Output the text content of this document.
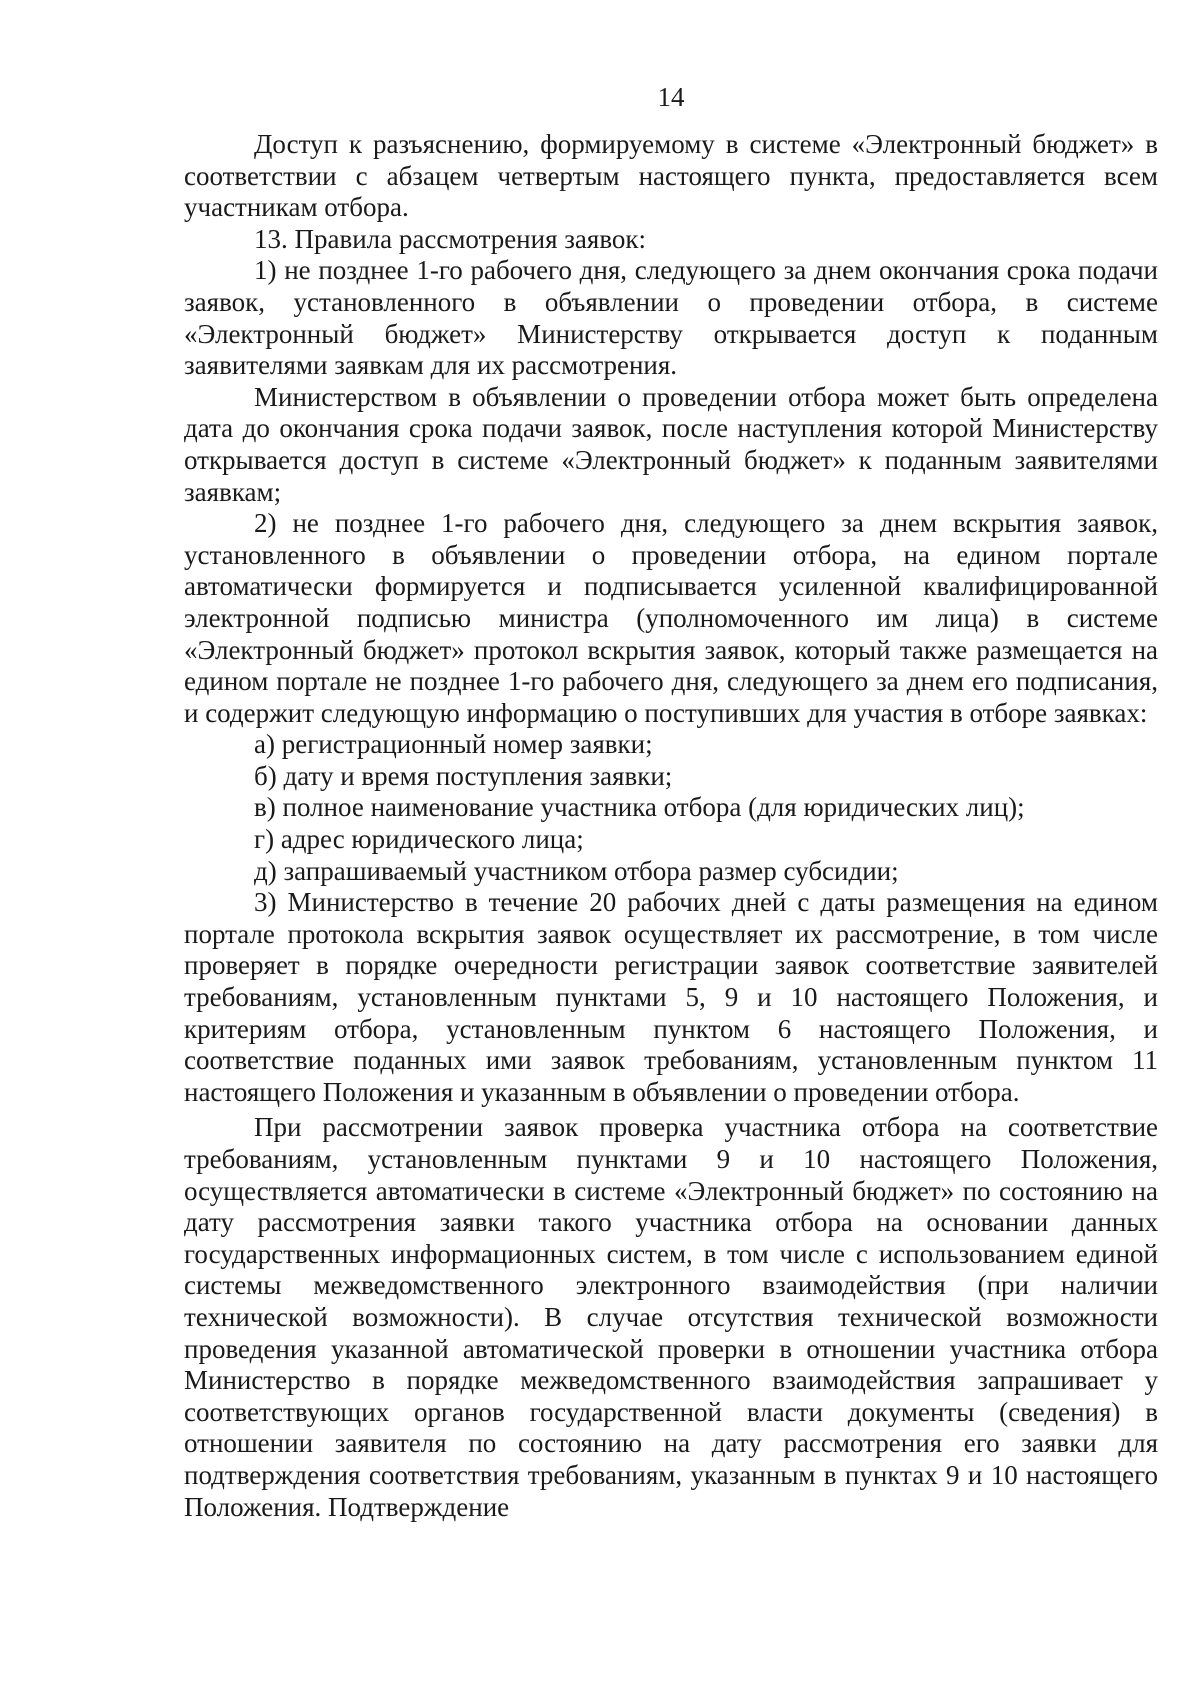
14

Доступ к разъяснению, формируемому в системе «Электронный бюджет» в соответствии с абзацем четвертым настоящего пункта, предоставляется всем участникам отбора.

13. Правила рассмотрения заявок:

1) не позднее 1-го рабочего дня, следующего за днем окончания срока подачи заявок, установленного в объявлении о проведении отбора, в системе «Электронный бюджет» Министерству открывается доступ к поданным заявителями заявкам для их рассмотрения.

Министерством в объявлении о проведении отбора может быть определена дата до окончания срока подачи заявок, после наступления которой Министерству открывается доступ в системе «Электронный бюджет» к поданным заявителями заявкам;

2) не позднее 1-го рабочего дня, следующего за днем вскрытия заявок, установленного в объявлении о проведении отбора, на едином портале автоматически формируется и подписывается усиленной квалифицированной электронной подписью министра (уполномоченного им лица) в системе «Электронный бюджет» протокол вскрытия заявок, который также размещается на едином портале не позднее 1-го рабочего дня, следующего за днем его подписания, и содержит следующую информацию о поступивших для участия в отборе заявках:

а) регистрационный номер заявки;

б) дату и время поступления заявки;

в) полное наименование участника отбора (для юридических лиц);

г) адрес юридического лица;

д) запрашиваемый участником отбора размер субсидии;

3) Министерство в течение 20 рабочих дней с даты размещения на едином портале протокола вскрытия заявок осуществляет их рассмотрение, в том числе проверяет в порядке очередности регистрации заявок соответствие заявителей требованиям, установленным пунктами 5, 9 и 10 настоящего Положения, и критериям отбора, установленным пунктом 6 настоящего Положения, и соответствие поданных ими заявок требованиям, установленным пунктом 11 настоящего Положения и указанным в объявлении о проведении отбора.

При рассмотрении заявок проверка участника отбора на соответствие требованиям, установленным пунктами 9 и 10 настоящего Положения, осуществляется автоматически в системе «Электронный бюджет» по состоянию на дату рассмотрения заявки такого участника отбора на основании данных государственных информационных систем, в том числе с использованием единой системы межведомственного электронного взаимодействия (при наличии технической возможности). В случае отсутствия технической возможности проведения указанной автоматической проверки в отношении участника отбора Министерство в порядке межведомственного взаимодействия запрашивает у соответствующих органов государственной власти документы (сведения) в отношении заявителя по состоянию на дату рассмотрения его заявки для подтверждения соответствия требованиям, указанным в пунктах 9 и 10 настоящего Положения. Подтверждение
